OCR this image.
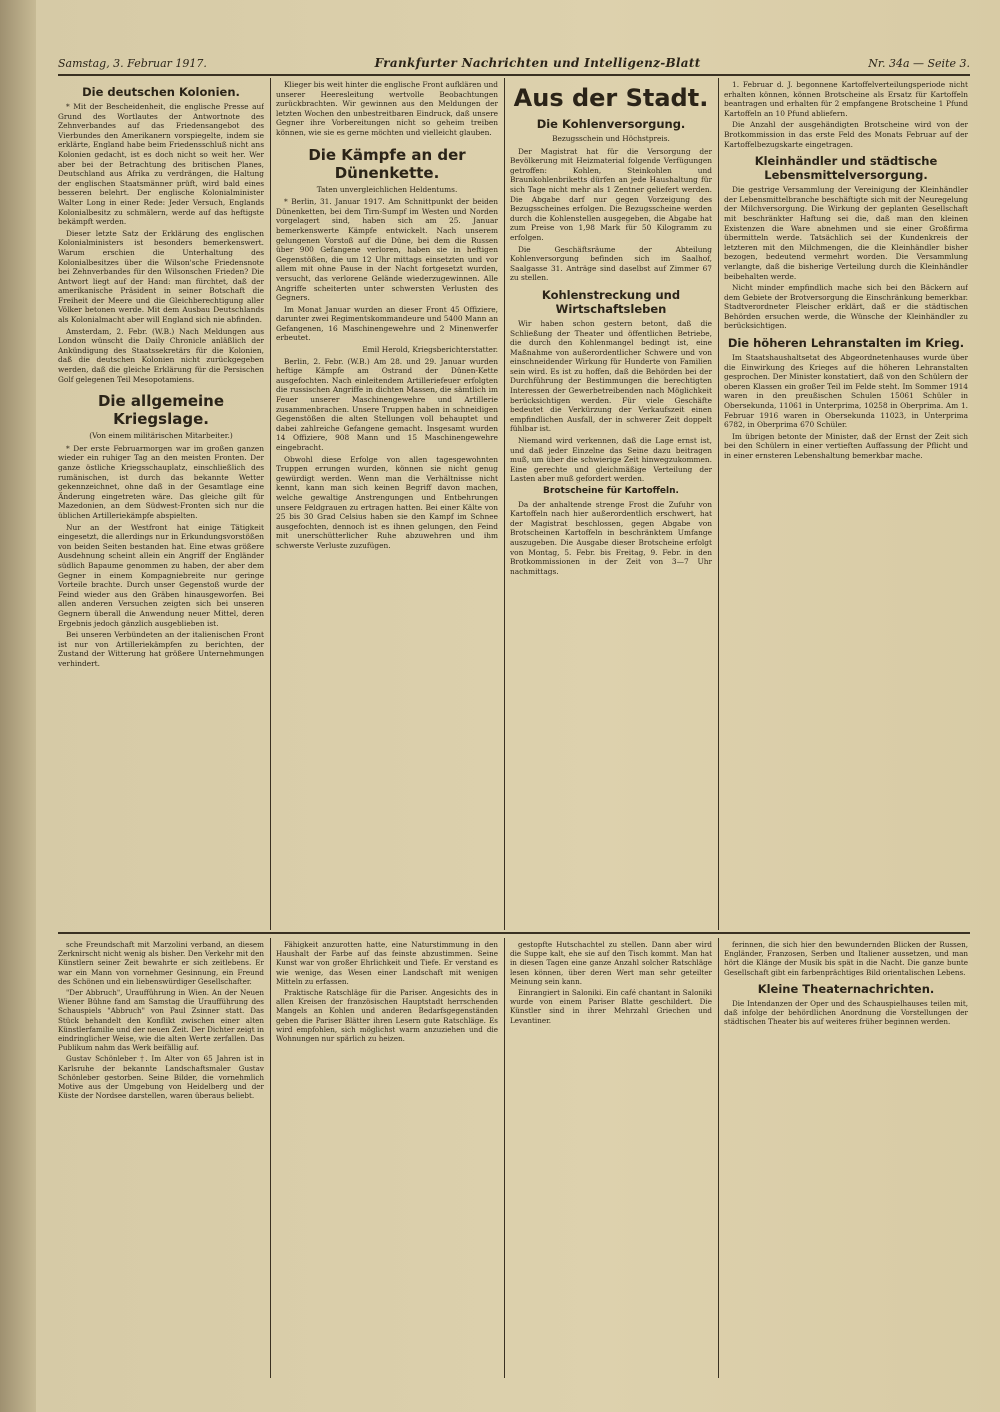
Samstag, 3. Februar 1917.	Frankfurter Nachrichten und Intelligenz-Blatt	Nr. 34a — Seite 3.
Die deutschen Kolonien.

* Mit der Bescheidenheit, die englische Presse auf Grund des Wortlautes der Antwortnote des Zehnverbandes auf das Friedensangebot des Vierbundes den Amerikanern vorspiegelte, indem sie erklärte, England habe beim Friedensschluß nicht ans Kolonien gedacht, ist es doch nicht so weit her. Wer aber bei der Betrachtung des britischen Planes, Deutschland aus Afrika zu verdrängen, die Haltung der englischen Staatsmänner prüft, wird bald eines besseren belehrt. Der englische Kolonialminister Walter Long in einer Rede: Jeder Versuch, Englands Kolonialbesitz zu schmälern, werde auf das heftigste bekämpft werden.

Dieser letzte Satz der Erklärung des englischen Kolonialministers ist besonders bemerkenswert. Warum erschien die Unterhaltung des Kolonialbesitzes über die Wilson'sche Friedensnote bei Zehnverbandes für den Wilsonschen Frieden? Die Antwort liegt auf der Hand: man fürchtet, daß der amerikanische Präsident in seiner Botschaft die Freiheit der Meere und die Gleichberechtigung aller Völker betonen werde. Mit dem Ausbau Deutschlands als Kolonialmacht aber will England sich nie abfinden.

Amsterdam, 2. Febr. (W.B.) Nach Meldungen aus London wünscht die Daily Chronicle anläßlich der Ankündigung des Staatssekretärs für die Kolonien, daß die deutschen Kolonien nicht zurückgegeben werden, daß die gleiche Erklärung für die Persischen Golf gelegenen Teil Mesopotamiens.

Die allgemeine Kriegslage.
(Von einem militärischen Mitarbeiter.)

* Der erste Februarmorgen war im großen ganzen wieder ein ruhiger Tag an den meisten Fronten. Der ganze östliche Kriegsschauplatz, einschließlich des rumänischen, ist durch das bekannte Wetter gekennzeichnet, ohne daß in der Gesamtlage eine Änderung eingetreten wäre. Das gleiche gilt für Mazedonien, an dem Südwest-Fronten sich nur die üblichen Artilleriekämpfe abspielten.

Nur an der Westfront hat einige Tätigkeit eingesetzt, die allerdings nur in Erkundungsvorstößen von beiden Seiten bestanden hat. Eine etwas größere Ausdehnung scheint allein ein Angriff der Engländer südlich Bapaume genommen zu haben, der aber dem Gegner in einem Kompagniebreite nur geringe Vorteile brachte. Durch unser Gegenstoß wurde der Feind wieder aus den Gräben hinausgeworfen. Bei allen anderen Versuchen zeigten sich bei unseren Gegnern überall die Anwendung neuer Mittel, deren Ergebnis jedoch gänzlich ausgeblieben ist.

Bei unseren Verbündeten an der italienischen Front ist nur von Artilleriekämpfen zu berichten, der Zustand der Witterung hat größere Unternehmungen verhindert.

Klieger bis weit hinter die englische Front aufklären und unserer Heeresleitung wertvolle Beobachtungen zurückbrachten. Wir gewinnen aus den Meldungen der letzten Wochen den unbestreitbaren Eindruck, daß unsere Gegner ihre Vorbereitungen nicht so geheim treiben können, wie sie es gerne möchten und vielleicht glauben.

Die Kämpfe an der Dünenkette.
Taten unvergleichlichen Heldentums.

* Berlin, 31. Januar 1917. Am Schnittpunkt der beiden Dünenketten, bei dem Tirn-Sumpf im Westen und Norden vorgelagert sind, haben sich am 25. Januar bemerkenswerte Kämpfe entwickelt. Nach unserem gelungenen Vorstoß auf die Düne, bei dem die Russen über 900 Gefangene verloren, haben sie in heftigen Gegenstößen, die um 12 Uhr mittags einsetzten und vor allem mit ohne Pause in der Nacht fortgesetzt wurden, versucht, das verlorene Gelände wiederzugewinnen. Alle Angriffe scheiterten unter schwersten Verlusten des Gegners.

Im Monat Januar wurden an dieser Front 45 Offiziere, darunter zwei Regimentskommandeure und 5400 Mann an Gefangenen, 16 Maschinengewehre und 2 Minenwerfer erbeutet.

Emil Herold, Kriegsberichterstatter.

Berlin, 2. Febr. (W.B.) Am 28. und 29. Januar wurden heftige Kämpfe am Ostrand der Dünen-Kette ausgefochten. Nach einleitendem Artilleriefeuer erfolgten die russischen Angriffe in dichten Massen, die sämtlich im Feuer unserer Maschinengewehre und Artillerie zusammenbrachen. Unsere Truppen haben in schneidigen Gegenstößen die alten Stellungen voll behauptet und dabei zahlreiche Gefangene gemacht. Insgesamt wurden 14 Offiziere, 908 Mann und 15 Maschinengewehre eingebracht.

Obwohl diese Erfolge von allen tagesgewohnten Truppen errungen wurden, können sie nicht genug gewürdigt werden. Wenn man die Verhältnisse nicht kennt, kann man sich keinen Begriff davon machen, welche gewaltige Anstrengungen und Entbehrungen unsere Feldgrauen zu ertragen hatten. Bei einer Kälte von 25 bis 30 Grad Celsius haben sie den Kampf im Schnee ausgefochten, dennoch ist es ihnen gelungen, den Feind mit unerschütterlicher Ruhe abzuwehren und ihm schwerste Verluste zuzufügen.

Aus der Stadt.
Die Kohlenversorgung.
Bezugsschein und Höchstpreis.

Der Magistrat hat für die Versorgung der Bevölkerung mit Heizmaterial folgende Verfügungen getroffen: Kohlen, Steinkohlen und Braunkohlenbriketts dürfen an jede Haushaltung für sich Tage nicht mehr als 1 Zentner geliefert werden. Die Abgabe darf nur gegen Vorzeigung des Bezugsscheines erfolgen. Die Bezugsscheine werden durch die Kohlenstellen ausgegeben, die Abgabe hat zum Preise von 1,98 Mark für 50 Kilogramm zu erfolgen.

Die Geschäftsräume der Abteilung Kohlenversorgung befinden sich im Saalhof, Saalgasse 31. Anträge sind daselbst auf Zimmer 67 zu stellen.

Kohlenstreckung und Wirtschaftsleben

Wir haben schon gestern betont, daß die Schließung der Theater und öffentlichen Betriebe, die durch den Kohlenmangel bedingt ist, eine Maßnahme von außerordentlicher Schwere und von einschneidender Wirkung für Hunderte von Familien sein wird. Es ist zu hoffen, daß die Behörden bei der Durchführung der Bestimmungen die berechtigten Interessen der Gewerbetreibenden nach Möglichkeit berücksichtigen werden. Für viele Geschäfte bedeutet die Verkürzung der Verkaufszeit einen empfindlichen Ausfall, der in schwerer Zeit doppelt fühlbar ist.

Niemand wird verkennen, daß die Lage ernst ist, und daß jeder Einzelne das Seine dazu beitragen muß, um über die schwierige Zeit hinwegzukommen. Eine gerechte und gleichmäßige Verteilung der Lasten aber muß gefordert werden.

Brotscheine für Kartoffeln.

Da der anhaltende strenge Frost die Zufuhr von Kartoffeln nach hier außerordentlich erschwert, hat der Magistrat beschlossen, gegen Abgabe von Brotscheinen Kartoffeln in beschränktem Umfange auszugeben. Die Ausgabe dieser Brotscheine erfolgt von Montag, 5. Febr. bis Freitag, 9. Febr. in den Brotkommissionen in der Zeit von 3—7 Uhr nachmittags.

1. Februar d. J. begonnene Kartoffelverteilungsperiode nicht erhalten können, können Brotscheine als Ersatz für Kartoffeln beantragen und erhalten für 2 empfangene Brotscheine 1 Pfund Kartoffeln an 10 Pfund abliefern.

Die Anzahl der ausgehändigten Brotscheine wird von der Brotkommission in das erste Feld des Monats Februar auf der Kartoffelbezugskarte eingetragen.

Kleinhändler und städtische Lebensmittelversorgung.

Die gestrige Versammlung der Vereinigung der Kleinhändler der Lebensmittelbranche beschäftigte sich mit der Neuregelung der Milchversorgung. Die Wirkung der geplanten Gesellschaft mit beschränkter Haftung sei die, daß man den kleinen Existenzen die Ware abnehmen und sie einer Großfirma übermitteln werde. Tatsächlich sei der Kundenkreis der letzteren mit den Milchmengen, die die Kleinhändler bisher bezogen, bedeutend vermehrt worden. Die Versammlung verlangte, daß die bisherige Verteilung durch die Kleinhändler beibehalten werde.

Nicht minder empfindlich mache sich bei den Bäckern auf dem Gebiete der Brotversorgung die Einschränkung bemerkbar. Stadtverordneter Fleischer erklärt, daß er die städtischen Behörden ersuchen werde, die Wünsche der Kleinhändler zu berücksichtigen.

Die höheren Lehranstalten im Krieg.

Im Staatshaushaltsetat des Abgeordnetenhauses wurde über die Einwirkung des Krieges auf die höheren Lehranstalten gesprochen. Der Minister konstatiert, daß von den Schülern der oberen Klassen ein großer Teil im Felde steht. Im Sommer 1914 waren in den preußischen Schulen 15061 Schüler in Obersekunda, 11061 in Unterprima, 10258 in Oberprima. Am 1. Februar 1916 waren in Obersekunda 11023, in Unterprima 6782, in Oberprima 670 Schüler.

Im übrigen betonte der Minister, daß der Ernst der Zeit sich bei den Schülern in einer vertieften Auffassung der Pflicht und in einer ernsteren Lebenshaltung bemerkbar mache.

sche Freundschaft mit Marzolini verband, an diesem Zerknirscht nicht wenig als bisher. Den Verkehr mit den Künstlern seiner Zeit bewahrte er sich zeitlebens. Er war ein Mann von vornehmer Gesinnung, ein Freund des Schönen und ein liebenswürdiger Gesellschafter.

"Der Abbruch", Uraufführung in Wien. An der Neuen Wiener Bühne fand am Samstag die Uraufführung des Schauspiels "Abbruch" von Paul Zsinner statt. Das Stück behandelt den Konflikt zwischen einer alten Künstlerfamilie und der neuen Zeit. Der Dichter zeigt in eindringlicher Weise, wie die alten Werte zerfallen. Das Publikum nahm das Werk beifällig auf.

Gustav Schönleber †. Im Alter von 65 Jahren ist in Karlsruhe der bekannte Landschaftsmaler Gustav Schönleber gestorben. Seine Bilder, die vornehmlich Motive aus der Umgebung von Heidelberg und der Küste der Nordsee darstellen, waren überaus beliebt.

Fähigkeit anzurotten hatte, eine Naturstimmung in den Haushalt der Farbe auf das feinste abzustimmen. Seine Kunst war von großer Ehrlichkeit und Tiefe. Er verstand es wie wenige, das Wesen einer Landschaft mit wenigen Mitteln zu erfassen.

Praktische Ratschläge für die Pariser. Angesichts des in allen Kreisen der französischen Hauptstadt herrschenden Mangels an Kohlen und anderen Bedarfsgegenständen geben die Pariser Blätter ihren Lesern gute Ratschläge. Es wird empfohlen, sich möglichst warm anzuziehen und die Wohnungen nur spärlich zu heizen.

gestopfte Hutschachtel zu stellen. Dann aber wird die Suppe kalt, ehe sie auf den Tisch kommt. Man hat in diesen Tagen eine ganze Anzahl solcher Ratschläge lesen können, über deren Wert man sehr geteilter Meinung sein kann.

Einrangiert in Saloniki. Ein café chantant in Saloniki wurde von einem Pariser Blatte geschildert. Die Künstler sind in ihrer Mehrzahl Griechen und Levantiner.

ferinnen, die sich hier den bewundernden Blicken der Russen, Engländer, Franzosen, Serben und Italiener aussetzen, und man hört die Klänge der Musik bis spät in die Nacht. Die ganze bunte Gesellschaft gibt ein farbenprächtiges Bild orientalischen Lebens.

Kleine Theaternachrichten.

Die Intendanzen der Oper und des Schauspielhauses teilen mit, daß infolge der behördlichen Anordnung die Vorstellungen der städtischen Theater bis auf weiteres früher beginnen werden.
